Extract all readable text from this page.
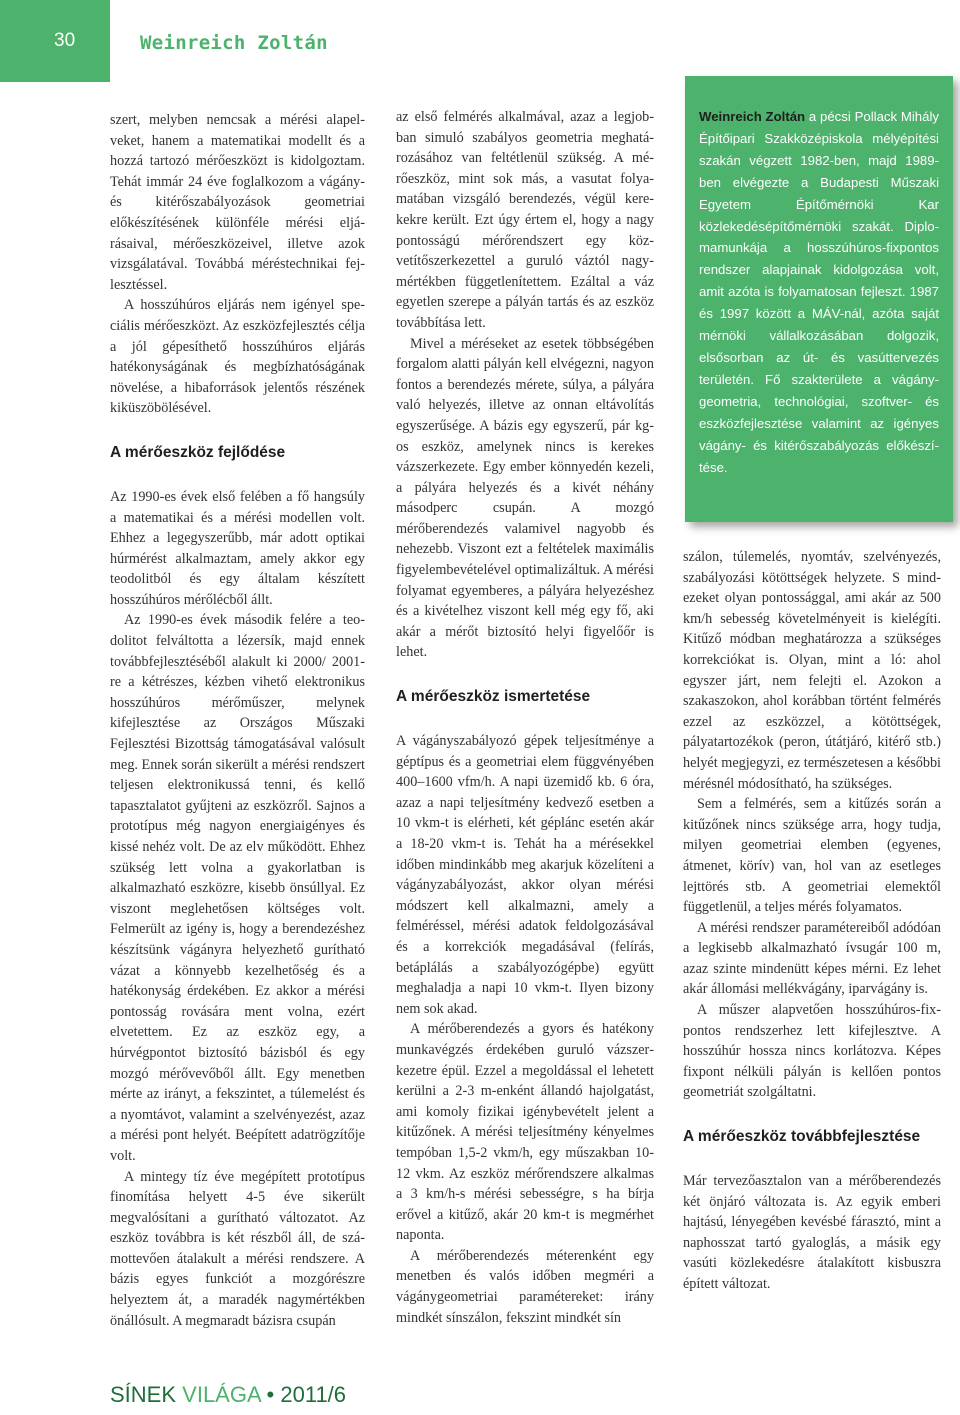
30	Weinreich Zoltán

szert, melyben nemcsak a mérési alapelveket, hanem a matematikai modellt és a hozzá tartozó mérőeszközt is kidolgoztam. Tehát immár 24 éve foglalkozom a vágány- és kitérőszabályozások geometriai előkészítésének különféle mérési eljárásaival, mérőeszközeivel, illetve azok vizsgálatával. Továbbá méréstechnikai fejlesztéssel.

A hosszúhúros eljárás nem igényel speciális mérőeszközt. Az eszközfejlesztés célja a jól gépesíthető hosszúhúros eljárás hatékonyságának és megbízhatóságának növelése, a hibaforrások jelentős részének kiküszöbölésével.

A mérőeszköz fejlődése

Az 1990-es évek első felében a fő hangsúly a matematikai és a mérési modellen volt. Ehhez a legegyszerűbb, már adott optikai húrmérést alkalmaztam, amely akkor egy teodolitból és egy általam készített hosszúhúros mérőlécből állt.

Az 1990-es évek második felére a teodolitot felváltotta a lézersík, majd ennek továbbfejlesztéséből alakult ki 2000/ 2001-re a kétrészes, kézben vihető elektronikus hosszúhúros mérőműszer, melynek kifejlesztése az Országos Műszaki Fejlesztési Bizottság támogatásával valósult meg. Ennek során sikerült a mérési rendszert teljesen elektronikussá tenni, és kellő tapasztalatot gyűjteni az eszközről. Sajnos a prototípus még nagyon energiaigényes és kissé nehéz volt. De az elv működött. Ehhez szükség lett volna a gyakorlatban is alkalmazható eszközre, kisebb önsúllyal. Ez viszont meglehetősen költséges volt. Felmerült az igény is, hogy a berendezéshez készítsünk vágányra helyezhető gurítható vázat a könnyebb kezelhetőség és a hatékonyság érdekében. Ez akkor a mérési pontosság rovására ment volna, ezért elvetettem. Ez az eszköz egy, a húrvégpontot biztosító bázisból és egy mozgó mérővevőből állt. Egy menetben mérte az irányt, a fekszintet, a túlemelést és a nyomtávot, valamint a szelvényezést, azaz a mérési pont helyét. Beépített adatrögzítője volt.

A mintegy tíz éve megépített prototípus finomítása helyett 4-5 éve sikerült megvalósítani a gurítható változatot. Az eszköz továbbra is két részből áll, de számottevően átalakult a mérési rendszere. A bázis egyes funkciót a mozgórészre helyeztem át, a maradék nagymértékben önállósult. A megmaradt bázisra csupán

az első felmérés alkalmával, azaz a legjobban simuló szabályos geometria meghatározásához van feltétlenül szükség. A mérőeszköz, mint sok más, a vasutat folyamatában vizsgáló berendezés, végül kerekekre került. Ezt úgy értem el, hogy a nagy pontosságú mérőrendszert egy közvetítőszerkezettel a guruló váztól nagymértékben függetlenítettem. Ezáltal a váz egyetlen szerepe a pályán tartás és az eszköz továbbítása lett.

Mivel a méréseket az esetek többségében forgalom alatti pályán kell elvégezni, nagyon fontos a berendezés mérete, súlya, a pályára való helyezés, illetve az onnan eltávolítás egyszerűsége. A bázis egy egyszerű, pár kg-os eszköz, amelynek nincs is kerekes vázszerkezete. Egy ember könnyedén kezeli, a pályára helyezés és a kivét néhány másodperc csupán. A mozgó mérőberendezés valamivel nagyobb és nehezebb. Viszont ezt a feltételek maximális figyelembevételével optimalizáltuk. A mérési folyamat egyemberes, a pályára helyezéshez és a kivételhez viszont kell még egy fő, aki akár a mérőt biztosító helyi figyelőőr is lehet.

A mérőeszköz ismertetése

A vágányszabályozó gépek teljesítménye a géptípus és a geometriai elem függvényében 400–1600 vfm/h. A napi üzemidő kb. 6 óra, azaz a napi teljesítmény kedvező esetben a 10 vkm-t is elérheti, két géplánc esetén akár a 18-20 vkm-t is. Tehát ha a mérésekkel időben mindinkább meg akarjuk közelíteni a vágányzabályozást, akkor olyan mérési módszert kell alkalmazni, amely a felméréssel, mérési adatok feldolgozásával és a korrekciók megadásával (felírás, betáplálás a szabályozógépbe) együtt meghaladja a napi 10 vkm-t. Ilyen bizony nem sok akad.

A mérőberendezés a gyors és hatékony munkavégzés érdekében guruló vázszerkezetre épül. Ezzel a megoldással el lehetett kerülni a 2-3 m-enként állandó hajolgatást, ami komoly fizikai igénybevételt jelent a kitűzőnek. A mérési teljesítmény kényelmes tempóban 1,5-2 vkm/h, egy műszakban 10-12 vkm. Az eszköz mérőrendszere alkalmas a 3 km/h-s mérési sebességre, s ha bírja erővel a kitűző, akár 20 km-t is megmérhet naponta.

A mérőberendezés méterenként egy menetben és valós időben megméri a vágánygeometriai paramétereket: irány mindkét sínszálon, fekszint mindkét sín

Weinreich Zoltán a pécsi Pollack Mihály Építőipari Szakközépiskola mélyépítési szakán végzett 1982-ben, majd 1989-ben elvégezte a Budapesti Műszaki Egyetem Építőmérnöki Kar közlekedésépítőmérnöki szakát. Diplomamunkája a hosszúhúros-fixpontos rendszer alapjainak kidolgozása volt, amit azóta is folyamatosan fejleszt. 1987 és 1997 között a MÁV-nál, azóta saját mérnöki vállalkozásában dolgozik, elsősorban az út- és vasúttervezés területén. Fő szakterülete a vágánygeometria, technológiai, szoftver- és eszközfejlesztése valamint az igényes vágány- és kitérőszabályozás előkészítése.

szálon, túlemelés, nyomtáv, szelvényezés, szabályozási kötöttségek helyzete. S mindezeket olyan pontossággal, ami akár az 500 km/h sebesség követelményeit is kielégíti. Kitűző módban meghatározza a szükséges korrekciókat is. Olyan, mint a ló: ahol egyszer járt, nem felejti el. Azokon a szakaszokon, ahol korábban történt felmérés ezzel az eszközzel, a kötöttségek, pályatartozékok (peron, útátjáró, kitérő stb.) helyét megjegyzi, ez természetesen a későbbi mérésnél módosítható, ha szükséges.

Sem a felmérés, sem a kitűzés során a kitűzőnek nincs szüksége arra, hogy tudja, milyen geometriai elemben (egyenes, átmenet, körív) van, hol van az esetleges lejttörés stb. A geometriai elemektől függetlenül, a teljes mérés folyamatos.

A mérési rendszer paramétereiből adódóan a legkisebb alkalmazható ívsugár 100 m, azaz szinte mindenütt képes mérni. Ez lehet akár állomási mellékvágány, iparvágány is.

A műszer alapvetően hosszúhúros-fixpontos rendszerhez lett kifejlesztve. A hosszúhúr hossza nincs korlátozva. Képes fixpont nélküli pályán is kellően pontos geometriát szolgáltatni.

A mérőeszköz továbbfejlesztése

Már tervezőasztalon van a mérőberendezés két önjáró változata is. Az egyik emberi hajtású, lényegében kevésbé fárasztó, mint a naphosszat tartó gyaloglás, a másik egy vasúti közlekedésre átalakított kisbuszra épített változat.

SÍNEK VILÁGA • 2011/6
